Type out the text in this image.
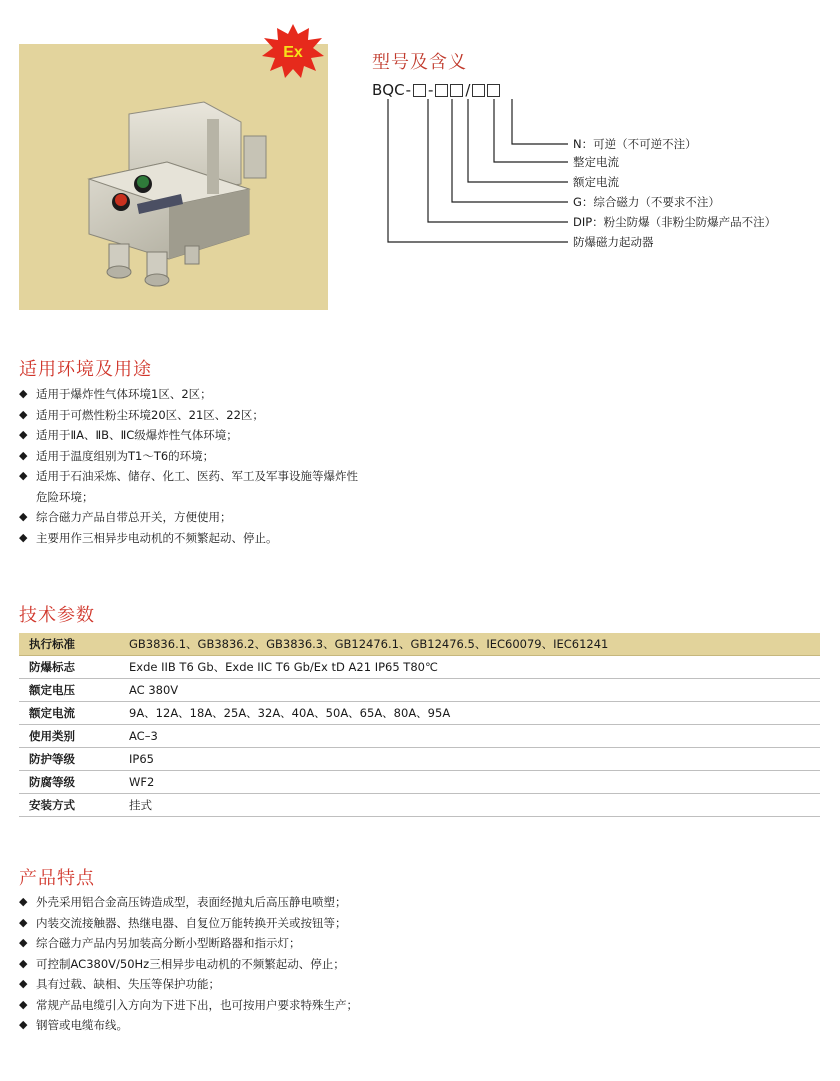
Ex	型号及含义
BQC - - /

N：可逆（不可逆不注）

整定电流

额定电流

G：综合磁力（不要求不注）

DIP：粉尘防爆（非粉尘防爆产品不注）

防爆磁力起动器

适用环境及用途
◆ 适用于爆炸性气体环境1区、2区；
◆ 适用于可燃性粉尘环境20区、21区、22区；
◆ 适用于ⅡA、ⅡB、ⅡC级爆炸性气体环境；
◆ 适用于温度组别为T1～T6的环境；
◆ 适用于石油采炼、储存、化工、医药、军工及军事设施等爆炸性
危险环境；
◆ 综合磁力产品自带总开关，方便使用；
◆ 主要用作三相异步电动机的不频繁起动、停止。
技术参数
执行标准	GB3836.1、GB3836.2、GB3836.3、GB12476.1、GB12476.5、IEC60079、IEC61241
防爆标志	Exde IIB T6 Gb、Exde IIC T6 Gb/Ex tD A21 IP65 T80℃
额定电压	AC 380V
额定电流	9A、12A、18A、25A、32A、40A、50A、65A、80A、95A
使用类别	AC–3
防护等级	IP65
防腐等级	WF2
安装方式	挂式
产品特点
◆ 外壳采用铝合金高压铸造成型，表面经抛丸后高压静电喷塑；
◆ 内装交流接触器、热继电器、自复位万能转换开关或按钮等；
◆ 综合磁力产品内另加装高分断小型断路器和指示灯；
◆ 可控制AC380V/50Hz三相异步电动机的不频繁起动、停止；
◆ 具有过载、缺相、失压等保护功能；
◆ 常规产品电缆引入方向为下进下出，也可按用户要求特殊生产；
◆ 钢管或电缆布线。
